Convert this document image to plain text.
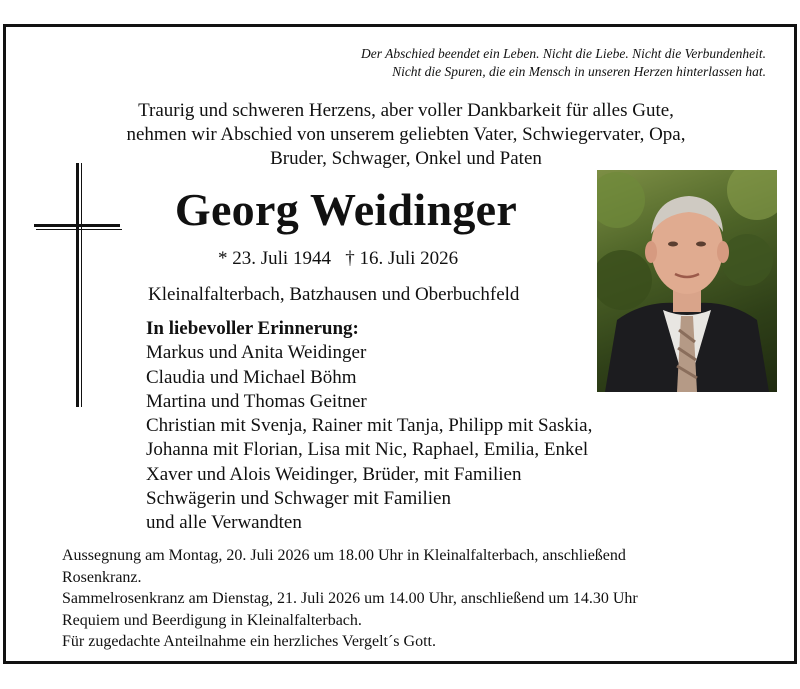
Der Abschied beendet ein Leben. Nicht die Liebe. Nicht die Verbundenheit.
Nicht die Spuren, die ein Mensch in unseren Herzen hinterlassen hat.
Traurig und schweren Herzens, aber voller Dankbarkeit für alles Gute,
nehmen wir Abschied von unserem geliebten Vater, Schwiegervater, Opa,
Bruder, Schwager, Onkel und Paten
Georg Weidinger
* 23. Juli 1944   † 16. Juli 2026
Kleinalfalterbach, Batzhausen und Oberbuchfeld
In liebevoller Erinnerung:
Markus und Anita Weidinger
Claudia und Michael Böhm
Martina und Thomas Geitner
Christian mit Svenja, Rainer mit Tanja, Philipp mit Saskia,
Johanna mit Florian, Lisa mit Nic, Raphael, Emilia, Enkel
Xaver und Alois Weidinger, Brüder, mit Familien
Schwägerin und Schwager mit Familien
und alle Verwandten

Aussegnung am Montag, 20. Juli 2026 um 18.00 Uhr in Kleinalfalterbach, anschließend

Rosenkranz.

Sammelrosenkranz am Dienstag, 21. Juli 2026 um 14.00 Uhr, anschließend um 14.30 Uhr

Requiem und Beerdigung in Kleinalfalterbach.

Für zugedachte Anteilnahme ein herzliches Vergelt´s Gott.
